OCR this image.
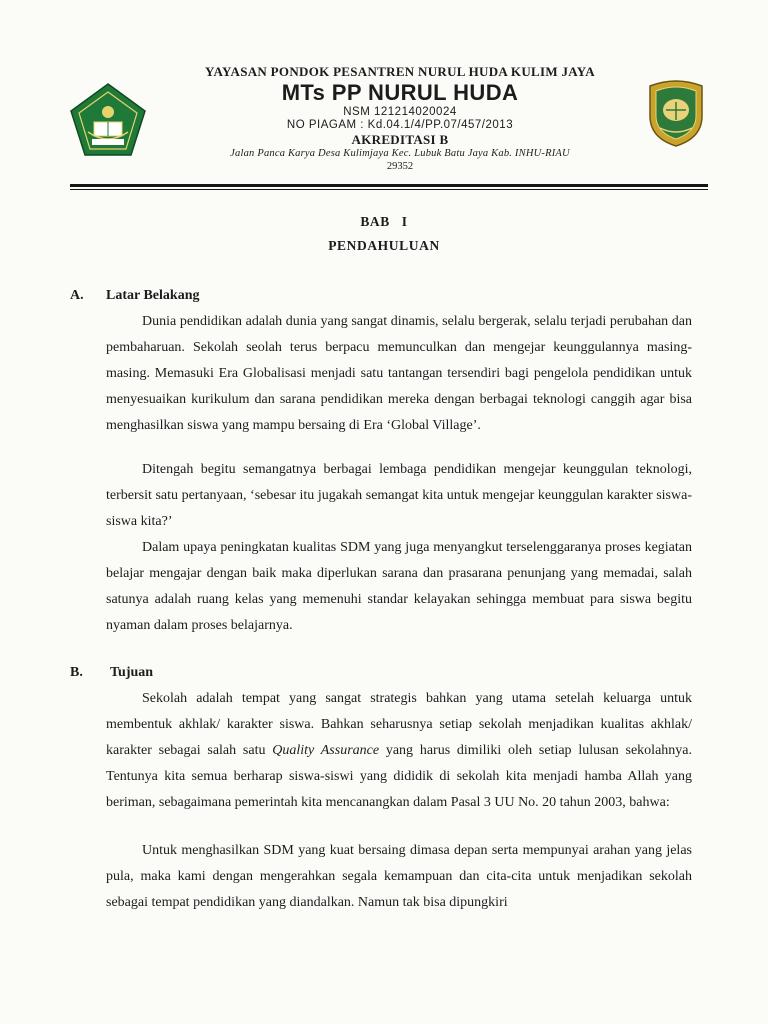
YAYASAN PONDOK PESANTREN NURUL HUDA KULIM JAYA
MTs PP NURUL HUDA
NSM 121214020024
NO PIAGAM : Kd.04.1/4/PP.07/457/2013
AKREDITASI B
Jalan Panca Karya Desa Kulimjaya Kec. Lubuk Batu Jaya Kab. INHU-RIAU
29352
BAB   I
PENDAHULUAN
A. Latar Belakang

Dunia pendidikan adalah dunia yang sangat dinamis, selalu bergerak, selalu terjadi perubahan dan pembaharuan. Sekolah seolah terus berpacu memunculkan dan mengejar keunggulannya masing-masing. Memasuki Era Globalisasi menjadi satu tantangan tersendiri bagi pengelola pendidikan untuk menyesuaikan kurikulum dan sarana pendidikan mereka dengan berbagai teknologi canggih agar bisa menghasilkan siswa yang mampu bersaing di Era ‘Global Village’.

Ditengah begitu semangatnya berbagai lembaga pendidikan mengejar keunggulan teknologi, terbersit satu pertanyaan, ‘sebesar itu jugakah semangat kita untuk mengejar keunggulan karakter siswa-siswa kita?’

Dalam upaya peningkatan kualitas SDM yang juga menyangkut terselenggaranya proses kegiatan belajar mengajar dengan baik maka diperlukan sarana dan prasarana penunjang yang memadai, salah satunya adalah ruang kelas yang memenuhi standar kelayakan sehingga membuat para siswa begitu nyaman dalam proses belajarnya.

B. Tujuan

Sekolah adalah tempat yang sangat strategis bahkan yang utama setelah keluarga untuk membentuk akhlak/ karakter siswa. Bahkan seharusnya setiap sekolah menjadikan kualitas akhlak/ karakter sebagai salah satu Quality Assurance yang harus dimiliki oleh setiap lulusan sekolahnya. Tentunya kita semua berharap siswa-siswi yang dididik di sekolah kita menjadi hamba Allah yang beriman, sebagaimana pemerintah kita mencanangkan dalam Pasal 3 UU No. 20 tahun 2003, bahwa:

Untuk menghasilkan SDM yang kuat bersaing dimasa depan serta mempunyai arahan yang jelas pula, maka kami dengan mengerahkan segala kemampuan dan cita-cita untuk menjadikan sekolah sebagai tempat pendidikan yang diandalkan. Namun tak bisa dipungkiri
